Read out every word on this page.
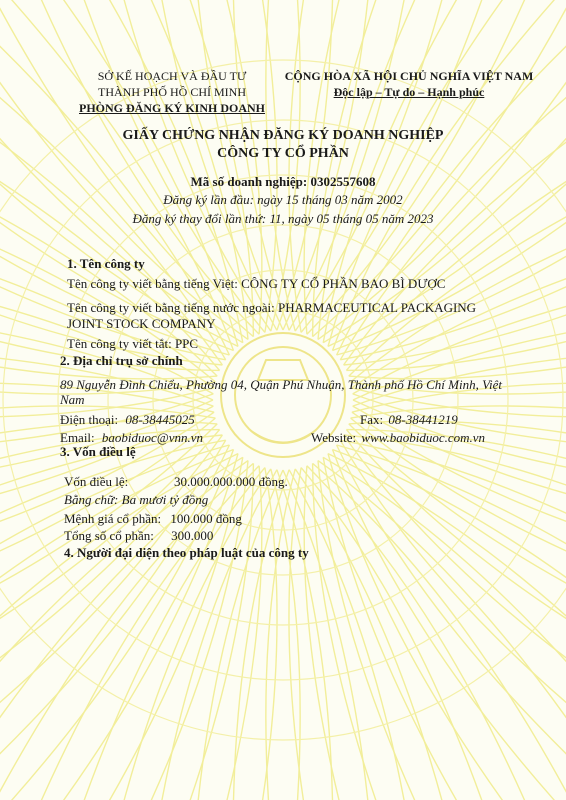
SỞ KẾ HOẠCH VÀ ĐẦU TƯ
THÀNH PHỐ HỒ CHÍ MINH
PHÒNG ĐĂNG KÝ KINH DOANH
CỘNG HÒA XÃ HỘI CHỦ NGHĨA VIỆT NAM
Độc lập – Tự do – Hạnh phúc
GIẤY CHỨNG NHẬN ĐĂNG KÝ DOANH NGHIỆP
CÔNG TY CỔ PHẦN
Mã số doanh nghiệp: 0302557608
Đăng ký lần đầu: ngày 15 tháng 03 năm 2002
Đăng ký thay đổi lần thứ: 11, ngày 05 tháng 05 năm 2023
1. Tên công ty
Tên công ty viết bằng tiếng Việt: CÔNG TY CỔ PHẦN BAO BÌ DƯỢC
Tên công ty viết bằng tiếng nước ngoài: PHARMACEUTICAL PACKAGING
JOINT STOCK COMPANY
Tên công ty viết tắt: PPC
2. Địa chỉ trụ sở chính
89 Nguyễn Đình Chiểu, Phường 04, Quận Phú Nhuận, Thành phố Hồ Chí Minh, Việt
Nam
Điện thoại: 08-38445025	Fax: 08-38441219
Email: baobiduoc@vnn.vn	Website: www.baobiduoc.com.vn
3. Vốn điều lệ
Vốn điều lệ:	30.000.000.000 đồng.
Bằng chữ: Ba mươi tỷ đồng
Mệnh giá cổ phần: 100.000 đồng
Tổng số cổ phần: 300.000
4. Người đại diện theo pháp luật của công ty
